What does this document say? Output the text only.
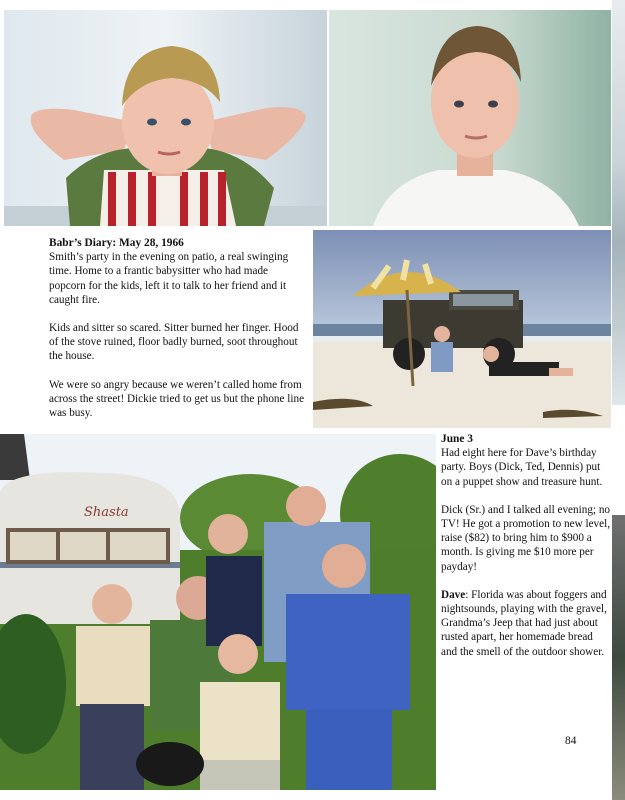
Shasta
Babr’s Diary: May 28, 1966

Smith’s party in the evening on patio, a real swinging time. Home to a frantic babysitter who had made popcorn for the kids, left it to talk to her friend and it caught fire.

Kids and sitter so scared. Sitter burned her finger. Hood of the stove ruined, floor badly burned, soot throughout the house.

We were so angry because we weren’t called home from across the street! Dickie tried to get us but the phone line was busy.

June 3

Had eight here for Dave’s birthday party. Boys (Dick, Ted, Dennis) put on a puppet show and treasure hunt.

Dick (Sr.) and I talked all evening; no TV! He got a promotion to new level, raise ($82) to bring him to $900 a month. Is giving me $10 more per payday!

Dave: Florida was about foggers and nightsounds, playing with the gravel, Grandma’s Jeep that had just about rusted apart, her homemade bread and the smell of the outdoor shower.

84
